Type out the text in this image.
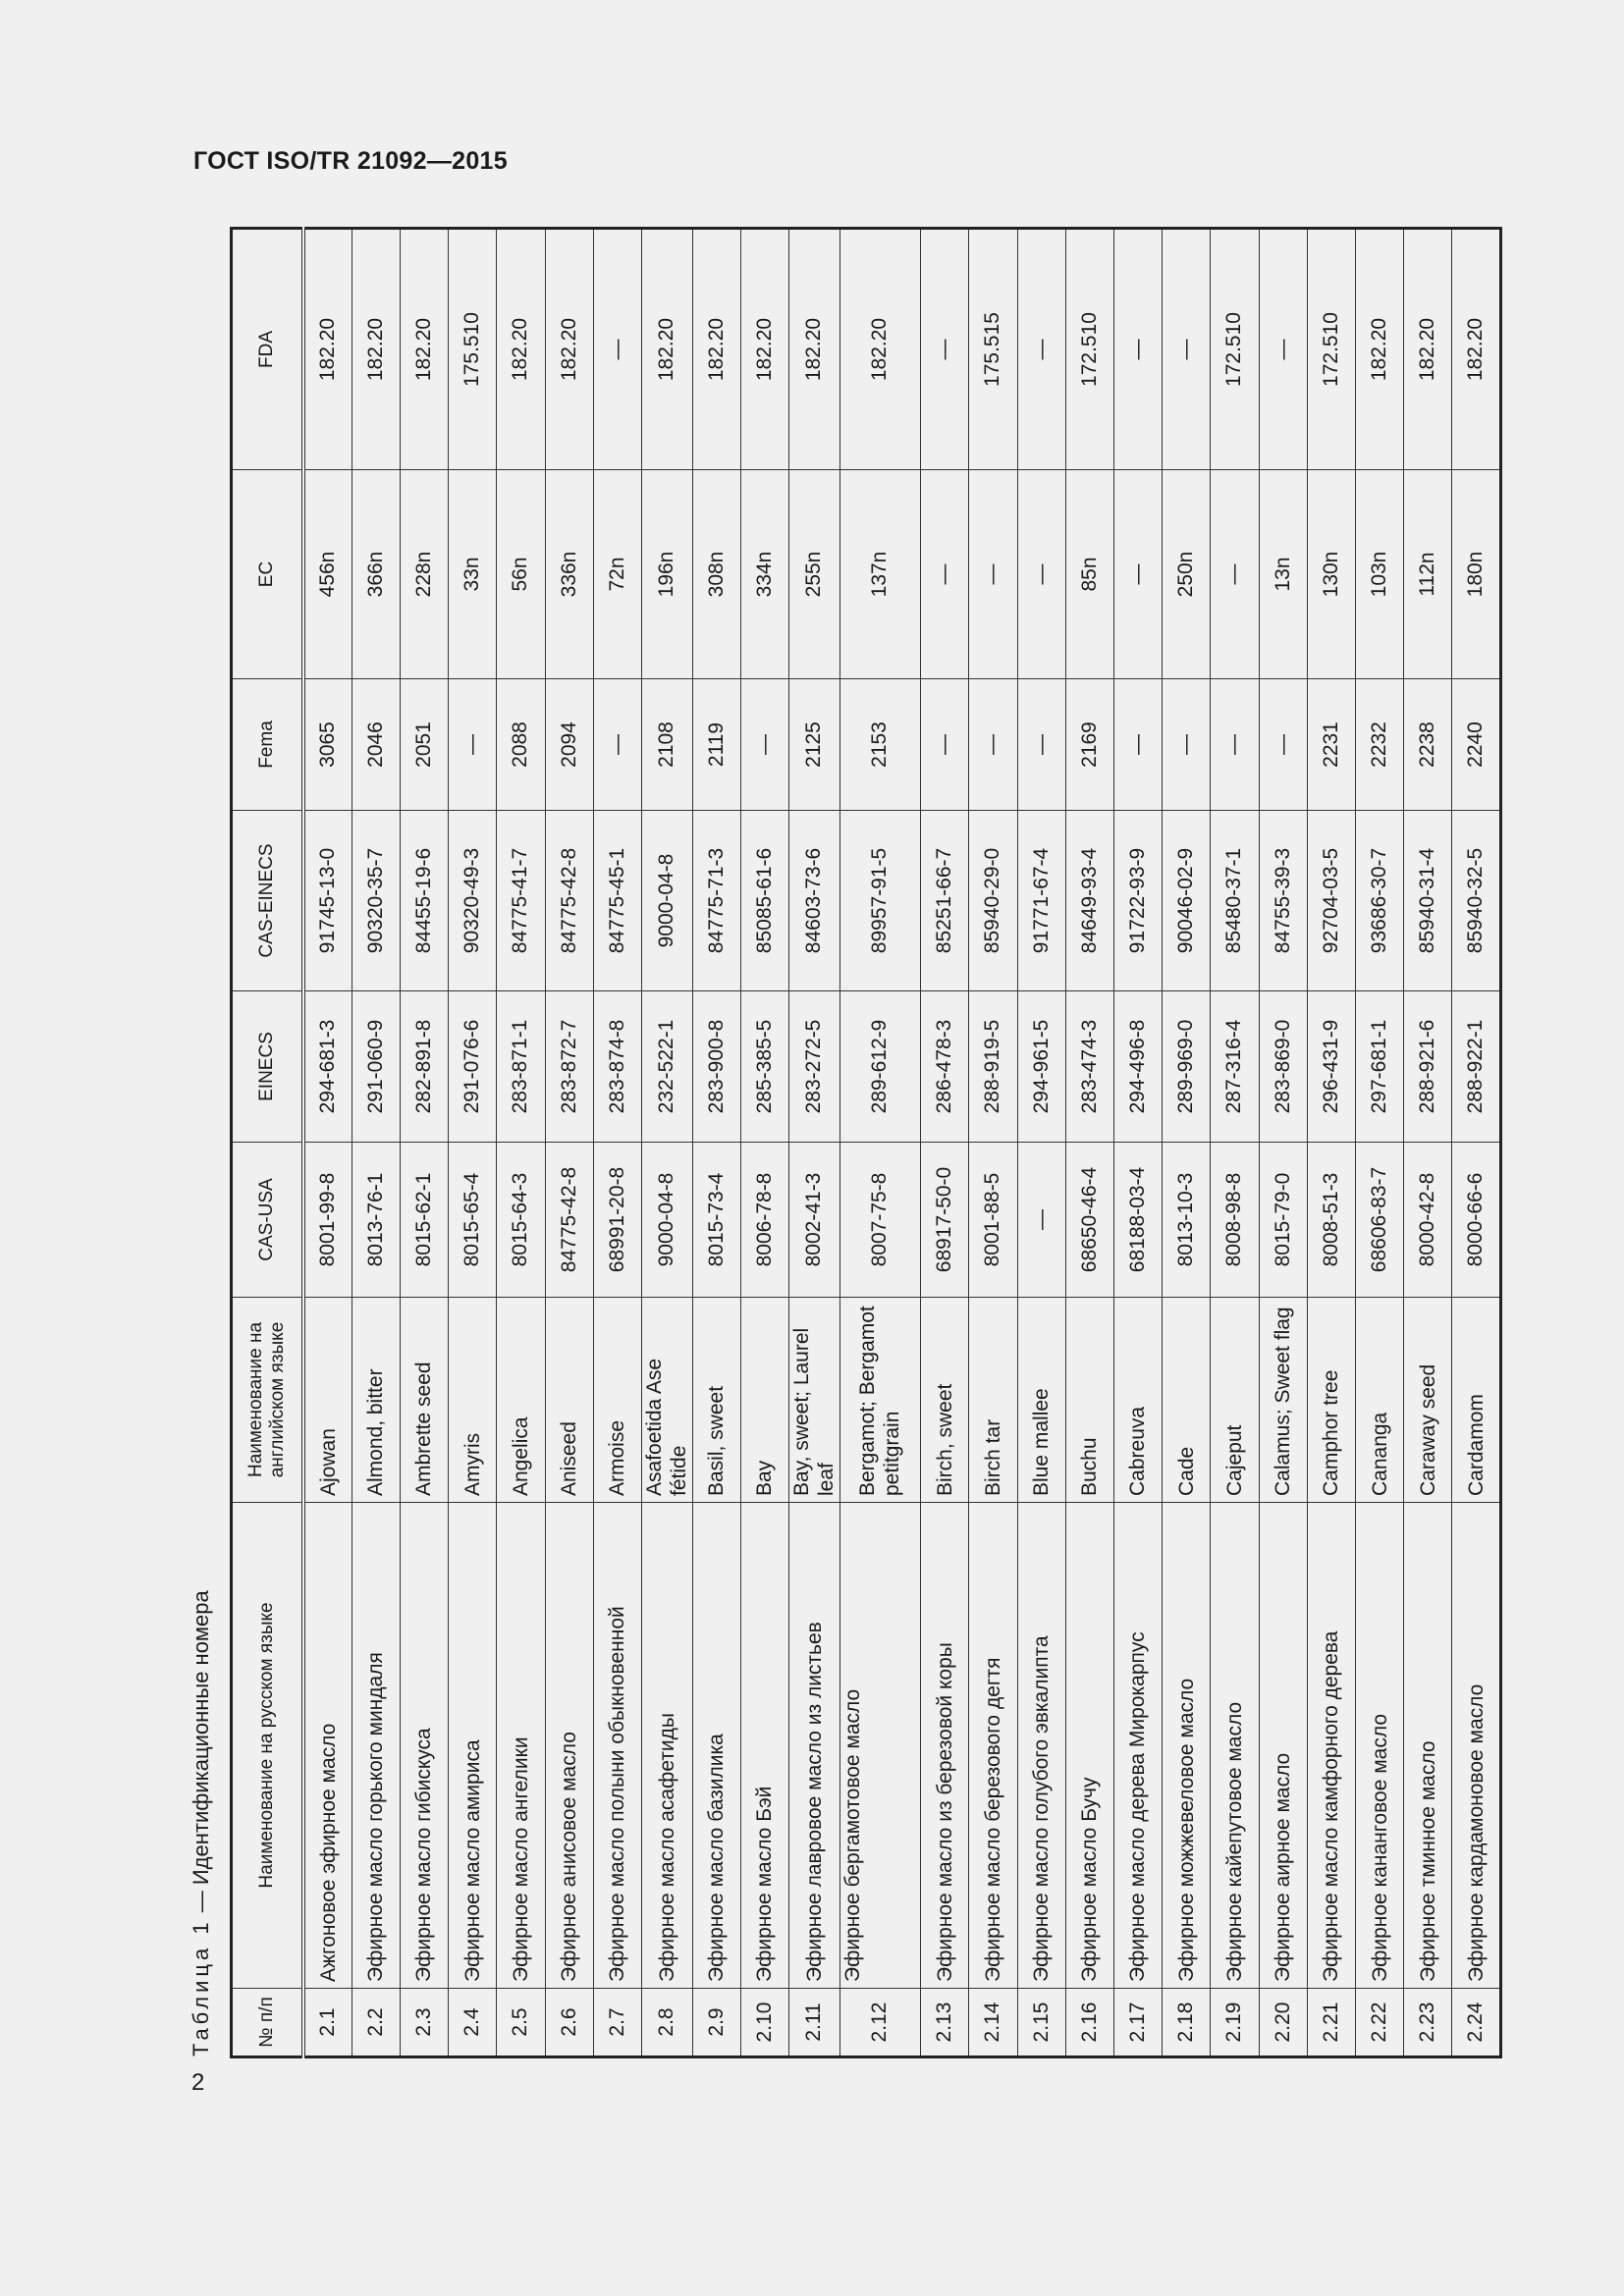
ГОСТ ISO/TR 21092—2015
2
Таблица 1 — Идентификационные номера
№ п/п	Наименование на русском языке	Наименование на английском языке	CAS-USA	EINECS	CAS-EINECS	Fema	EC	FDA
2.1	Ажгоновое эфирное масло	Ajowan	8001-99-8	294-681-3	91745-13-0	3065	456n	182.20
2.2	Эфирное масло горького миндаля	Almond, bitter	8013-76-1	291-060-9	90320-35-7	2046	366n	182.20
2.3	Эфирное масло гибискуса	Ambrette seed	8015-62-1	282-891-8	84455-19-6	2051	228n	182.20
2.4	Эфирное масло амириса	Amyris	8015-65-4	291-076-6	90320-49-3	—	33n	175.510
2.5	Эфирное масло ангелики	Angelica	8015-64-3	283-871-1	84775-41-7	2088	56n	182.20
2.6	Эфирное анисовое масло	Aniseed	84775-42-8	283-872-7	84775-42-8	2094	336n	182.20
2.7	Эфирное масло полыни обыкновенной	Armoise	68991-20-8	283-874-8	84775-45-1	—	72n	—
2.8	Эфирное масло асафетиды	Asafoetida Ase fétide	9000-04-8	232-522-1	9000-04-8	2108	196n	182.20
2.9	Эфирное масло базилика	Basil, sweet	8015-73-4	283-900-8	84775-71-3	2119	308n	182.20
2.10	Эфирное масло Бэй	Bay	8006-78-8	285-385-5	85085-61-6	—	334n	182.20
2.11	Эфирное лавровое масло из листьев	Bay, sweet; Laurel leaf	8002-41-3	283-272-5	84603-73-6	2125	255n	182.20
2.12	Эфирное бергамотовое масло	Bergamot; Bergamot petitgrain	8007-75-8	289-612-9	89957-91-5	2153	137n	182.20
2.13	Эфирное масло из березовой коры	Birch, sweet	68917-50-0	286-478-3	85251-66-7	—	—	—
2.14	Эфирное масло березового дегтя	Birch tar	8001-88-5	288-919-5	85940-29-0	—	—	175.515
2.15	Эфирное масло голубого эвкалипта	Blue mallee	—	294-961-5	91771-67-4	—	—	—
2.16	Эфирное масло Бучу	Buchu	68650-46-4	283-474-3	84649-93-4	2169	85n	172.510
2.17	Эфирное масло дерева Мирокарпус	Cabreuva	68188-03-4	294-496-8	91722-93-9	—	—	—
2.18	Эфирное можжевеловое масло	Cade	8013-10-3	289-969-0	90046-02-9	—	250n	—
2.19	Эфирное кайепутовое масло	Cajeput	8008-98-8	287-316-4	85480-37-1	—	—	172.510
2.20	Эфирное аирное масло	Calamus; Sweet flag	8015-79-0	283-869-0	84755-39-3	—	13n	—
2.21	Эфирное масло камфорного дерева	Camphor tree	8008-51-3	296-431-9	92704-03-5	2231	130n	172.510
2.22	Эфирное канангoвое масло	Cananga	68606-83-7	297-681-1	93686-30-7	2232	103n	182.20
2.23	Эфирное тминное масло	Caraway seed	8000-42-8	288-921-6	85940-31-4	2238	112n	182.20
2.24	Эфирное кардамоновое масло	Cardamom	8000-66-6	288-922-1	85940-32-5	2240	180n	182.20
